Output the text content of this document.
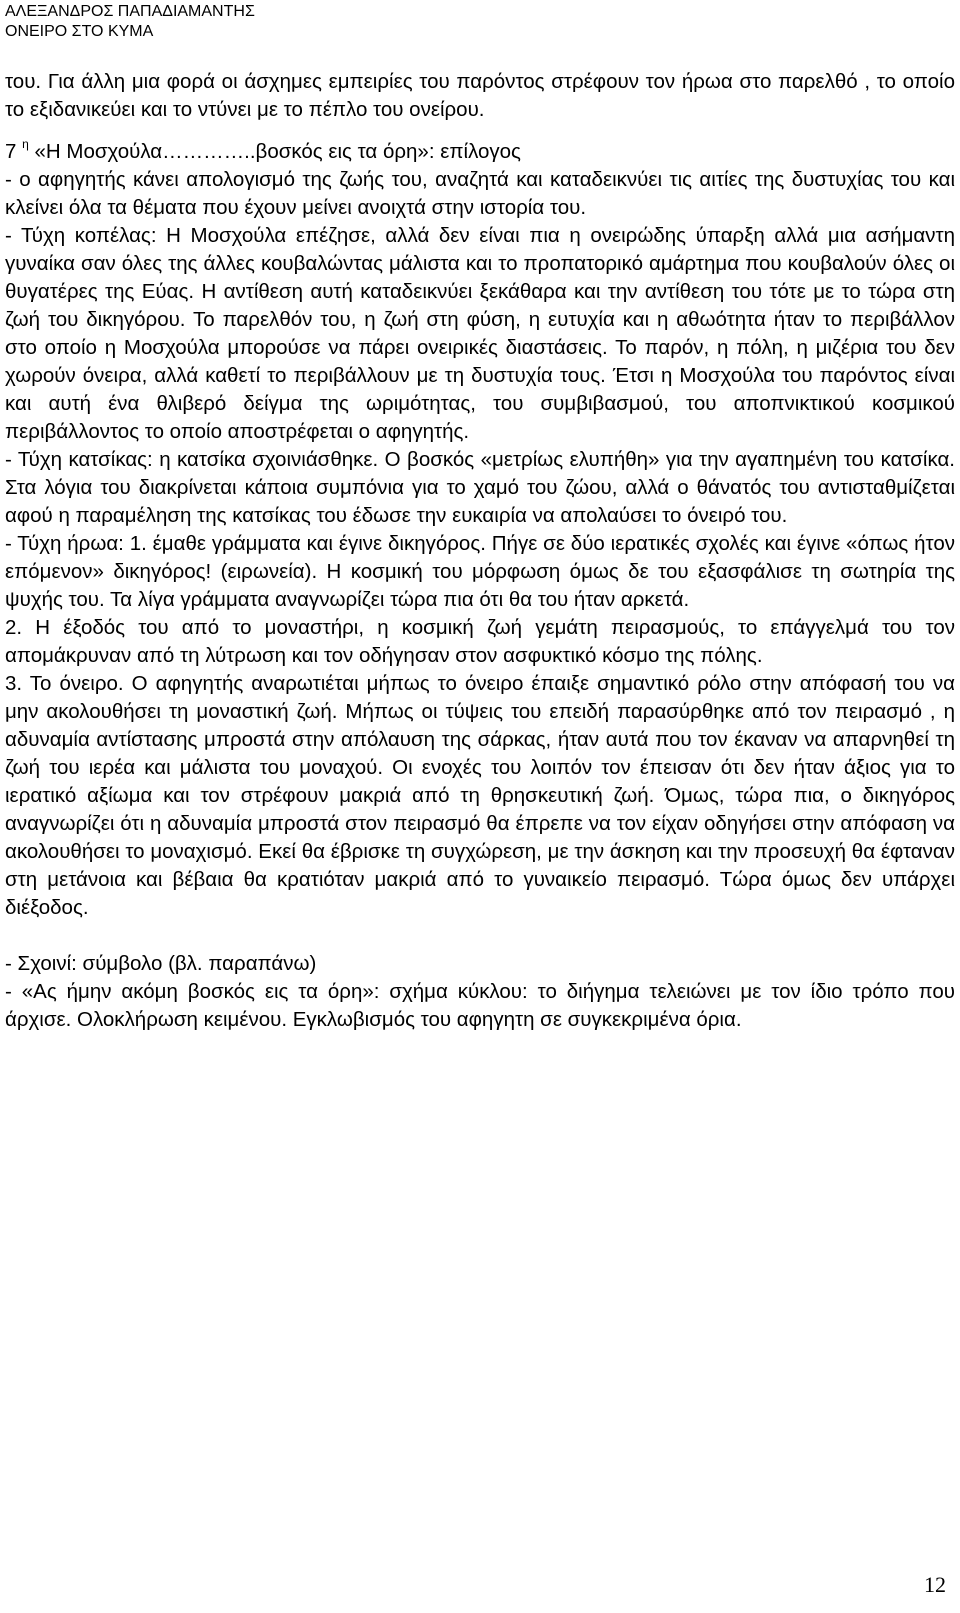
ΑΛΕΞΑΝΔΡΟΣ ΠΑΠΑΔΙΑΜΑΝΤΗΣ
ΟΝΕΙΡΟ ΣΤΟ ΚΥΜΑ

του. Για άλλη μια φορά οι άσχημες εμπειρίες του παρόντος στρέφουν τον ήρωα στο παρελθό , το οποίο το εξιδανικεύει και το ντύνει με το πέπλο του ονείρου.

7 $^\eta$ «Η Μοσχούλα…………..βοσκός εις τα όρη»: επίλογος

- ο αφηγητής κάνει απολογισμό της ζωής του, αναζητά και καταδεικνύει τις αιτίες της δυστυχίας του και κλείνει όλα τα θέματα που έχουν μείνει ανοιχτά στην ιστορία του.

- Τύχη κοπέλας: Η Μοσχούλα επέζησε, αλλά δεν είναι πια η ονειρώδης ύπαρξη αλλά μια ασήμαντη γυναίκα σαν όλες της άλλες κουβαλώντας μάλιστα και το προπατορικό αμάρτημα που κουβαλούν όλες οι θυγατέρες της Εύας. Η αντίθεση αυτή καταδεικνύει ξεκάθαρα και την αντίθεση του τότε με το τώρα στη ζωή του δικηγόρου. Το παρελθόν του, η ζωή στη φύση, η ευτυχία και η αθωότητα ήταν το περιβάλλον στο οποίο η Μοσχούλα μπορούσε να πάρει ονειρικές διαστάσεις. Το παρόν, η πόλη, η μιζέρια του δεν χωρούν όνειρα, αλλά καθετί το περιβάλλουν με τη δυστυχία τους. Έτσι η Μοσχούλα του παρόντος είναι και αυτή ένα θλιβερό δείγμα της ωριμότητας, του συμβιβασμού, του αποπνικτικού κοσμικού περιβάλλοντος το οποίο αποστρέφεται ο αφηγητής.

- Τύχη κατσίκας: η κατσίκα σχοινιάσθηκε. Ο βοσκός «μετρίως ελυπήθη» για την αγαπημένη του κατσίκα. Στα λόγια του διακρίνεται κάποια συμπόνια για το χαμό του ζώου, αλλά ο θάνατός του αντισταθμίζεται αφού η παραμέληση της κατσίκας του έδωσε την ευκαιρία να απολαύσει το όνειρό του.

- Τύχη ήρωα: 1. έμαθε γράμματα και έγινε δικηγόρος. Πήγε σε δύο ιερατικές σχολές και έγινε «όπως ήτον επόμενον» δικηγόρος! (ειρωνεία). Η κοσμική του μόρφωση όμως δε του εξασφάλισε τη σωτηρία της ψυχής του. Τα λίγα γράμματα αναγνωρίζει τώρα πια ότι θα του ήταν αρκετά.

2. Η έξοδός του από το μοναστήρι, η κοσμική ζωή γεμάτη πειρασμούς, το επάγγελμά του τον απομάκρυναν από τη λύτρωση και τον οδήγησαν στον ασφυκτικό κόσμο της πόλης.

3. Το όνειρο. Ο αφηγητής αναρωτιέται μήπως το όνειρο έπαιξε σημαντικό ρόλο στην απόφασή του να μην ακολουθήσει τη μοναστική ζωή. Μήπως οι τύψεις του επειδή παρασύρθηκε από τον πειρασμό , η αδυναμία αντίστασης μπροστά στην απόλαυση της σάρκας, ήταν αυτά που τον έκαναν να απαρνηθεί τη ζωή του ιερέα και μάλιστα του μοναχού. Οι ενοχές του λοιπόν τον έπεισαν ότι δεν ήταν άξιος για το ιερατικό αξίωμα και τον στρέφουν μακριά από τη θρησκευτική ζωή. Όμως, τώρα πια, ο δικηγόρος αναγνωρίζει ότι η αδυναμία μπροστά στον πειρασμό θα έπρεπε να τον είχαν οδηγήσει στην απόφαση να ακολουθήσει το μοναχισμό. Εκεί θα έβρισκε τη συγχώρεση, με την άσκηση και την προσευχή θα έφταναν στη μετάνοια και βέβαια θα κρατιόταν μακριά από το γυναικείο πειρασμό. Τώρα όμως δεν υπάρχει διέξοδος.

- Σχοινί: σύμβολο (βλ. παραπάνω)

- «Ας ήμην ακόμη βοσκός εις τα όρη»: σχήμα κύκλου: το διήγημα τελειώνει με τον ίδιο τρόπο που άρχισε. Ολοκλήρωση κειμένου. Εγκλωβισμός του αφηγητη σε συγκεκριμένα όρια.

12
